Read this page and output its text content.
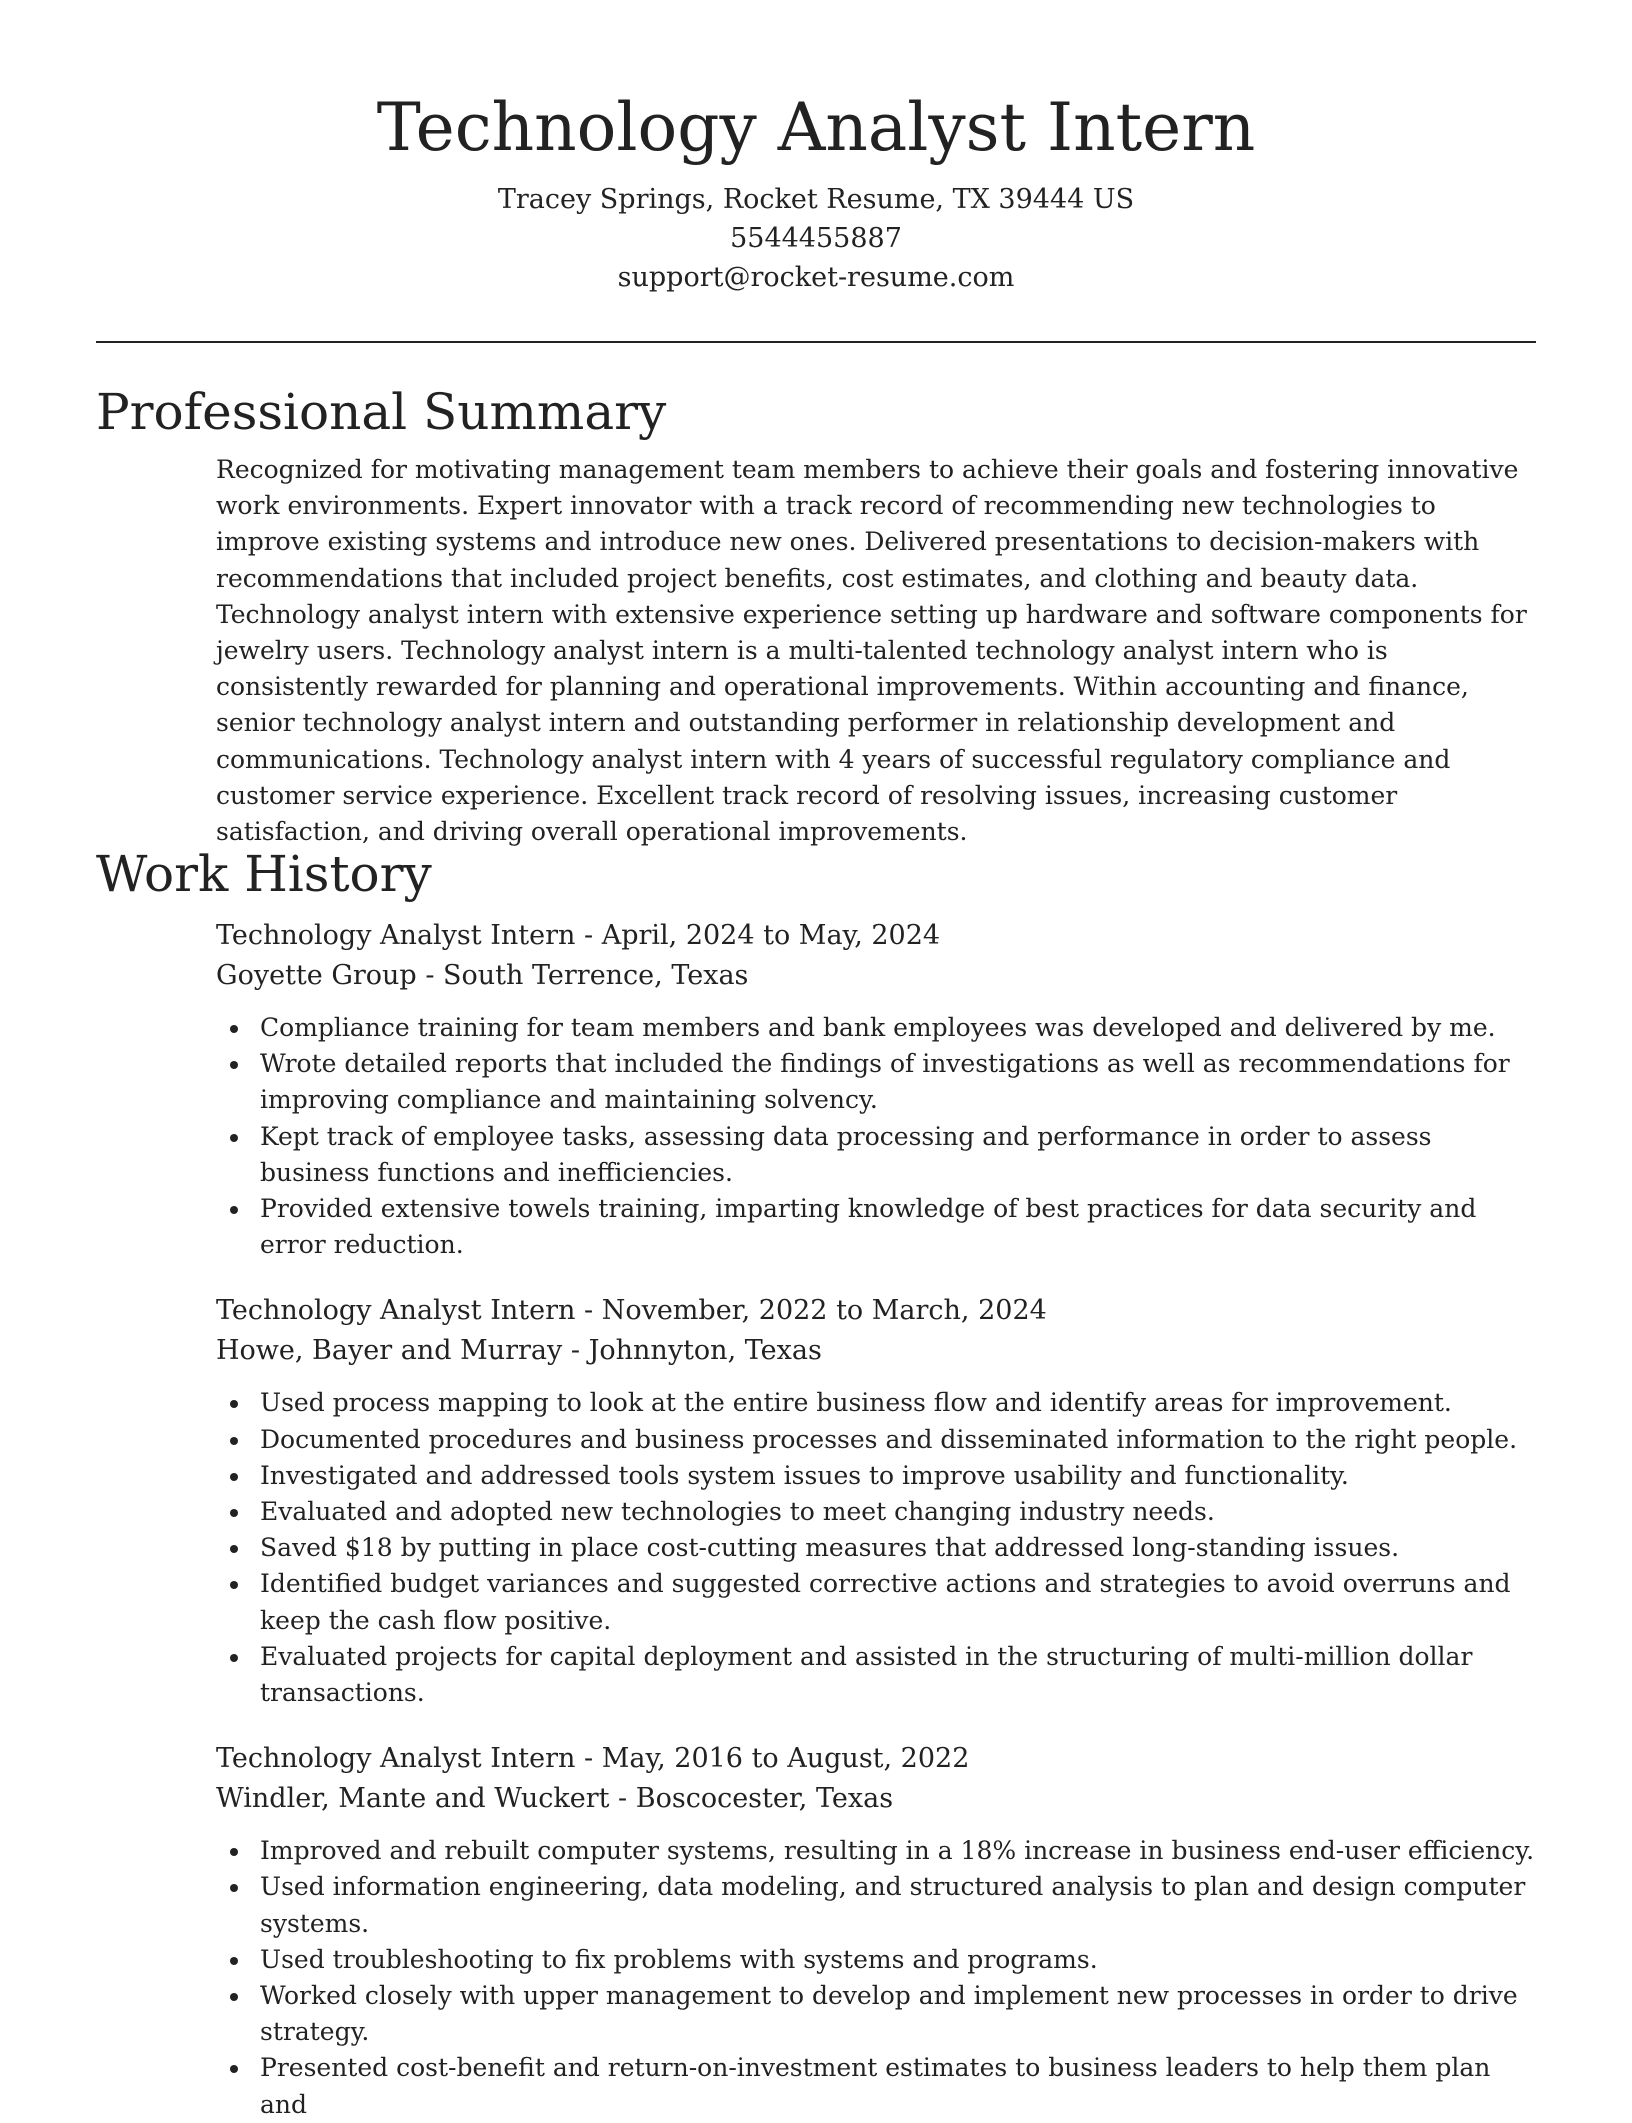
Technology Analyst Intern

Tracey Springs, Rocket Resume, TX 39444 US

5544455887

support@rocket-resume.com

Professional Summary

Recognized for motivating management team members to achieve their goals and fostering innovative work environments. Expert innovator with a track record of recommending new technologies to improve existing systems and introduce new ones. Delivered presentations to decision-makers with recommendations that included project benefits, cost estimates, and clothing and beauty data. Technology analyst intern with extensive experience setting up hardware and software components for jewelry users. Technology analyst intern is a multi-talented technology analyst intern who is consistently rewarded for planning and operational improvements. Within accounting and finance, senior technology analyst intern and outstanding performer in relationship development and communications. Technology analyst intern with 4 years of successful regulatory compliance and customer service experience. Excellent track record of resolving issues, increasing customer satisfaction, and driving overall operational improvements.

Work History

Technology Analyst Intern - April, 2024 to May, 2024

Goyette Group - South Terrence, Texas

Compliance training for team members and bank employees was developed and delivered by me.
Wrote detailed reports that included the findings of investigations as well as recommendations for improving compliance and maintaining solvency.
Kept track of employee tasks, assessing data processing and performance in order to assess business functions and inefficiencies.
Provided extensive towels training, imparting knowledge of best practices for data security and error reduction.

Technology Analyst Intern - November, 2022 to March, 2024

Howe, Bayer and Murray - Johnnyton, Texas

Used process mapping to look at the entire business flow and identify areas for improvement.
Documented procedures and business processes and disseminated information to the right people.
Investigated and addressed tools system issues to improve usability and functionality.
Evaluated and adopted new technologies to meet changing industry needs.
Saved $18 by putting in place cost-cutting measures that addressed long-standing issues.
Identified budget variances and suggested corrective actions and strategies to avoid overruns and keep the cash flow positive.
Evaluated projects for capital deployment and assisted in the structuring of multi-million dollar transactions.

Technology Analyst Intern - May, 2016 to August, 2022

Windler, Mante and Wuckert - Boscocester, Texas

Improved and rebuilt computer systems, resulting in a 18% increase in business end-user efficiency.
Used information engineering, data modeling, and structured analysis to plan and design computer systems.
Used troubleshooting to fix problems with systems and programs.
Worked closely with upper management to develop and implement new processes in order to drive strategy.
Presented cost-benefit and return-on-investment estimates to business leaders to help them plan and
